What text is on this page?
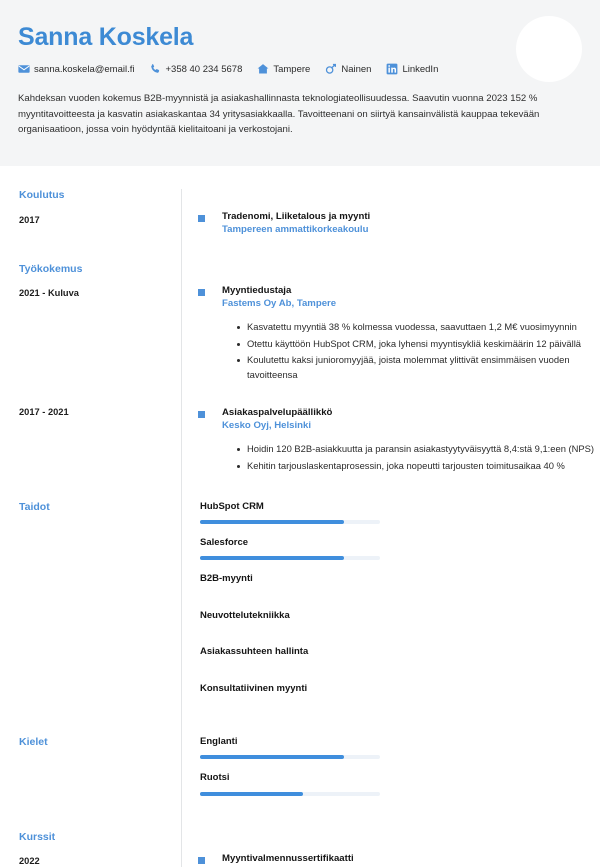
Sanna Koskela
sanna.koskela@email.fi	+358 40 234 5678	Tampere	Nainen	LinkedIn

Kahdeksan vuoden kokemus B2B-myynnistä ja asiakashallinnasta teknologiateollisuudessa. Saavutin vuonna 2023 152 % myyntitavoitteesta ja kasvatin asiakaskantaa 34 yritysasiakkaalla. Tavoitteenani on siirtyä kansainvälistä kauppaa tekevään organisaatioon, jossa voin hyödyntää kielitaitoani ja verkostojani.

Koulutus
2017	Tradenomi, Liiketalous ja myynti
Tampereen ammattikorkeakoulu
Työkokemus
2021 - Kuluva	Myyntiedustaja
Fastems Oy Ab, Tampere
Kasvatettu myyntiä 38 % kolmessa vuodessa, saavuttaen 1,2 M€ vuosimyynnin
Otettu käyttöön HubSpot CRM, joka lyhensi myyntisykliä keskimäärin 12 päivällä
Koulutettu kaksi junioromyyjää, joista molemmat ylittivät ensimmäisen vuoden tavoitteensa
2017 - 2021	Asiakaspalvelupäällikkö
Kesko Oyj, Helsinki
Hoidin 120 B2B-asiakkuutta ja paransin asiakastyytyväisyyttä 8,4:stä 9,1:een (NPS)
Kehitin tarjouslaskentaprosessin, joka nopeutti tarjousten toimitusaikaa 40 %
Taidot	HubSpot CRM
Salesforce
B2B-myynti
Neuvottelutekniikka
Asiakassuhteen hallinta
Konsultatiivinen myynti
Kielet	Englanti
Ruotsi
Kurssit
2022	Myyntivalmennussertifikaatti
